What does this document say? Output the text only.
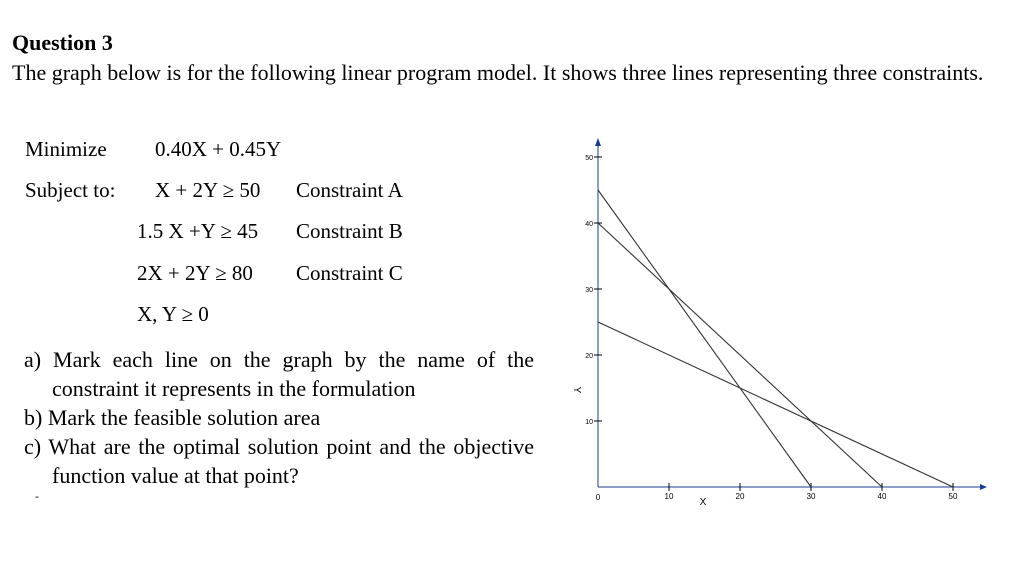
Question 3
The graph below is for the following linear program model. It shows three lines representing three constraints.
Minimize 0.40X + 0.45Y
Subject to: X + 2Y ≥ 50 Constraint A
1.5 X +Y ≥ 45 Constraint B
2X + 2Y ≥ 80 Constraint C
X, Y ≥ 0
a) Mark each line on the graph by the name of the constraint it represents in the formulation
b) Mark the feasible solution area
c) What are the optimal solution point and the objective function value at that point?
-	0	10	20	30	40	50
10
20
30
40
50
X
Y
